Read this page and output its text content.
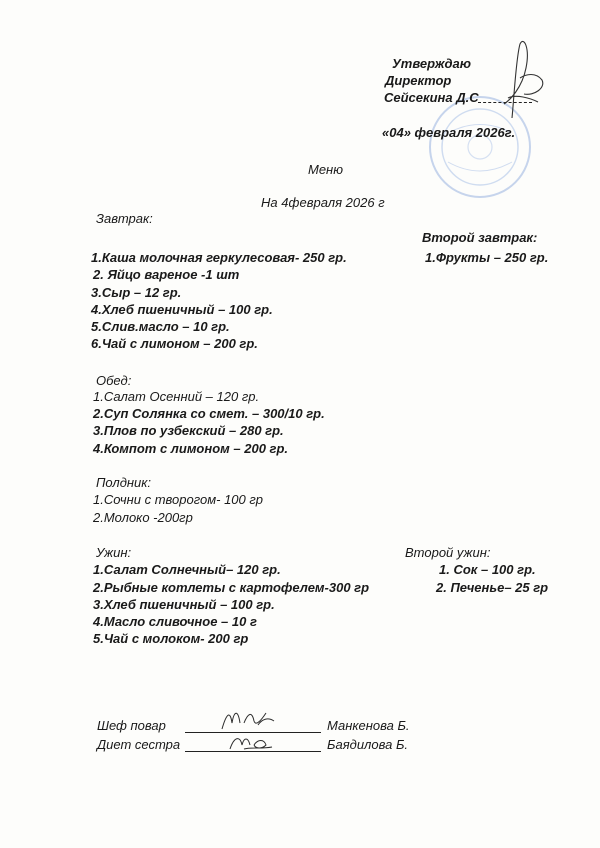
Утверждаю
Директор
Сейсекина Д.С
«04» февраля 2026г.
Меню
На 4февраля 2026 г
Завтрак:
1.Каша молочная геркулесовая- 250 гр.
2. Яйцо вареное -1 шт
3.Сыр – 12 гр.
4.Хлеб пшеничный – 100 гр.
5.Слив.масло – 10 гр.
6.Чай с лимоном – 200 гр.
Второй завтрак:
1.Фрукты – 250 гр.
Обед:
1.Салат Осенний – 120 гр.
2.Суп Солянка со смет. – 300/10 гр.
3.Плов по узбекский – 280 гр.
4.Компот с лимоном – 200 гр.
Полдник:
1.Сочни с творогом- 100 гр
2.Молоко -200гр
Ужин:
1.Салат Солнечный– 120 гр.
2.Рыбные котлеты с картофелем-300 гр
3.Хлеб пшеничный – 100 гр.
4.Масло сливочное – 10 г
5.Чай с молоком- 200 гр
Второй ужин:
1. Сок – 100 гр.
2. Печенье– 25 гр
Шеф повар	Манкенова Б.
Диет сестра	Баядилова Б.
